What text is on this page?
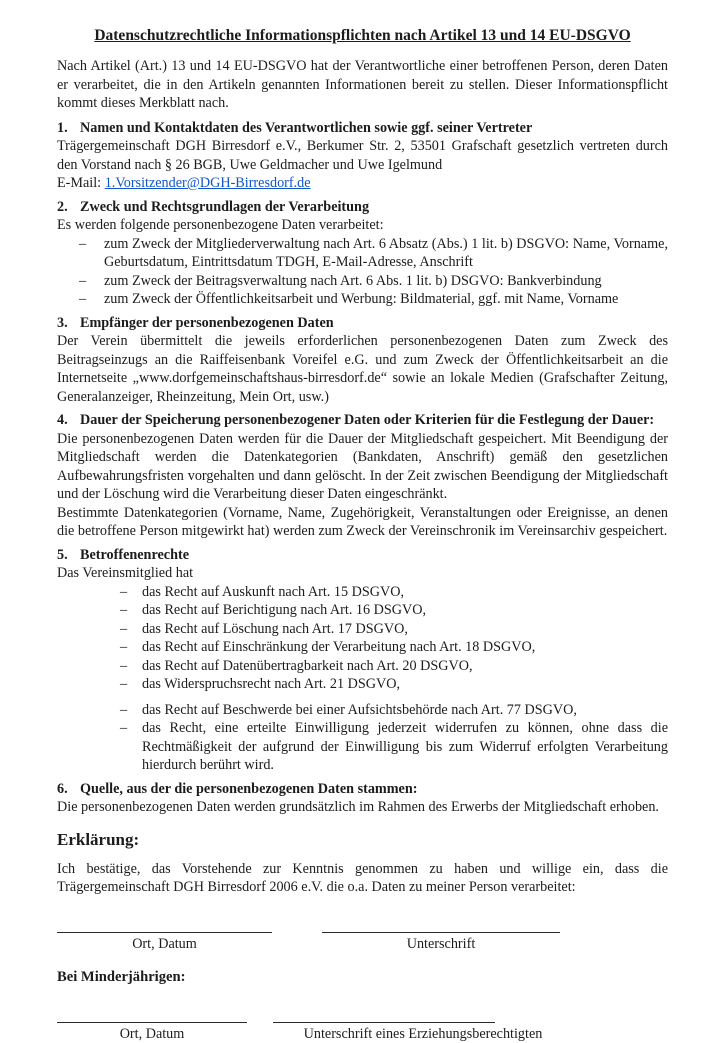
Datenschutzrechtliche Informationspflichten nach Artikel 13 und 14 EU-DSGVO

Nach Artikel (Art.) 13 und 14 EU-DSGVO hat der Verantwortliche einer betroffenen Person, deren Daten er verarbeitet, die in den Artikeln genannten Informationen bereit zu stellen. Dieser Informationspflicht kommt dieses Merkblatt nach.

1. Namen und Kontaktdaten des Verantwortlichen sowie ggf. seiner Vertreter

Trägergemeinschaft DGH Birresdorf e.V., Berkumer Str. 2, 53501 Grafschaft gesetzlich vertreten durch den Vorstand nach § 26 BGB, Uwe Geldmacher und Uwe Igelmund

E-Mail: 1.Vorsitzender@DGH-Birresdorf.de

2. Zweck und Rechtsgrundlagen der Verarbeitung

Es werden folgende personenbezogene Daten verarbeitet:

–	zum Zweck der Mitgliederverwaltung nach Art. 6 Absatz (Abs.) 1 lit. b) DSGVO: Name, Vorname, Geburtsdatum, Eintrittsdatum TDGH, E-Mail-Adresse, Anschrift
–	zum Zweck der Beitragsverwaltung nach Art. 6 Abs. 1 lit. b) DSGVO: Bankverbindung
–	zum Zweck der Öffentlichkeitsarbeit und Werbung: Bildmaterial, ggf. mit Name, Vorname
3. Empfänger der personenbezogenen Daten

Der Verein übermittelt die jeweils erforderlichen personenbezogenen Daten zum Zweck des Beitragseinzugs an die Raiffeisenbank Voreifel e.G. und zum Zweck der Öffentlichkeitsarbeit an die Internetseite „www.dorfgemeinschaftshaus-birresdorf.de“ sowie an lokale Medien (Grafschafter Zeitung, Generalanzeiger, Rheinzeitung, Mein Ort, usw.)

4. Dauer der Speicherung personenbezogener Daten oder Kriterien für die Festlegung der Dauer:

Die personenbezogenen Daten werden für die Dauer der Mitgliedschaft gespeichert. Mit Beendigung der Mitgliedschaft werden die Datenkategorien (Bankdaten, Anschrift) gemäß den gesetzlichen Aufbewahrungsfristen vorgehalten und dann gelöscht. In der Zeit zwischen Beendigung der Mitgliedschaft und der Löschung wird die Verarbeitung dieser Daten eingeschränkt.

Bestimmte Datenkategorien (Vorname, Name, Zugehörigkeit, Veranstaltungen oder Ereignisse, an denen die betroffene Person mitgewirkt hat) werden zum Zweck der Vereinschronik im Vereinsarchiv gespeichert.

5. Betroffenenrechte

Das Vereinsmitglied hat

–	das Recht auf Auskunft nach Art. 15 DSGVO,
–	das Recht auf Berichtigung nach Art. 16 DSGVO,
–	das Recht auf Löschung nach Art. 17 DSGVO,
–	das Recht auf Einschränkung der Verarbeitung nach Art. 18 DSGVO,
–	das Recht auf Datenübertragbarkeit nach Art. 20 DSGVO,
–	das Widerspruchsrecht nach Art. 21 DSGVO,
–	das Recht auf Beschwerde bei einer Aufsichtsbehörde nach Art. 77 DSGVO,
–	das Recht, eine erteilte Einwilligung jederzeit widerrufen zu können, ohne dass die Rechtmäßigkeit der aufgrund der Einwilligung bis zum Widerruf erfolgten Verarbeitung hierdurch berührt wird.
6. Quelle, aus der die personenbezogenen Daten stammen:

Die personenbezogenen Daten werden grundsätzlich im Rahmen des Erwerbs der Mitgliedschaft erhoben.

Erklärung:

Ich bestätige, das Vorstehende zur Kenntnis genommen zu haben und willige ein, dass die Trägergemeinschaft DGH Birresdorf 2006 e.V. die o.a. Daten zu meiner Person verarbeitet:

Ort, Datum	Unterschrift
Bei Minderjährigen:
Ort, Datum	Unterschrift eines Erziehungsberechtigten
